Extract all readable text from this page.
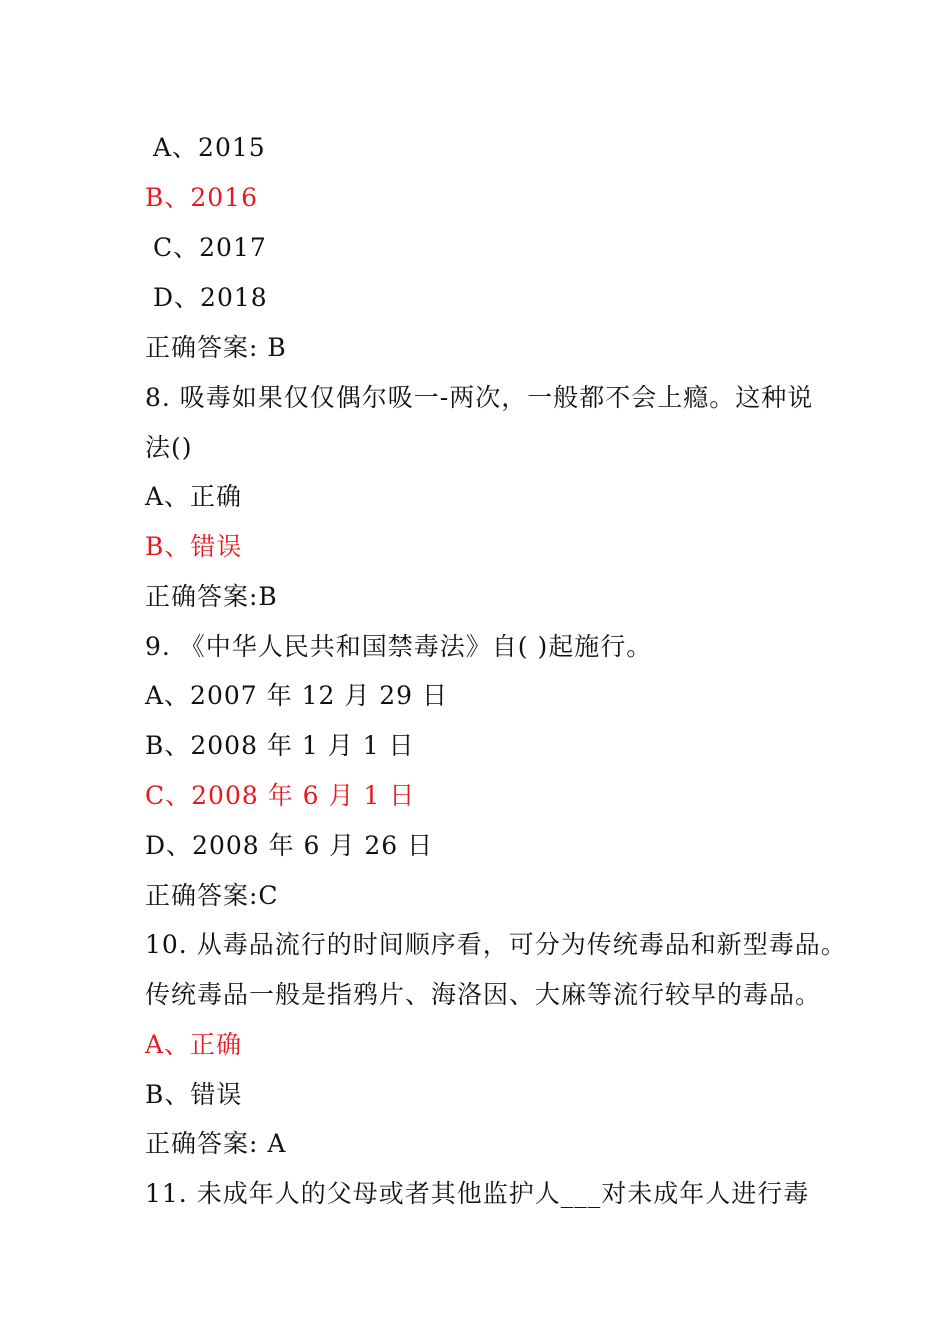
A、2015
B、2016
C、2017
D、2018
正确答案: B
8. 吸毒如果仅仅偶尔吸一-两次，一般都不会上瘾。这种说
法()
A、正确
B、错误
正确答案:B
9. 《中华人民共和国禁毒法》自( )起施行。
A、2007 年 12 月 29 日
B、2008 年 1 月 1 日
C、2008 年 6 月 1 日
D、2008 年 6 月 26 日
正确答案:C
10. 从毒品流行的时间顺序看，可分为传统毒品和新型毒品。
传统毒品一般是指鸦片、海洛因、大麻等流行较早的毒品。
A、正确
B、错误
正确答案: A
11. 未成年人的父母或者其他监护人___对未成年人进行毒
